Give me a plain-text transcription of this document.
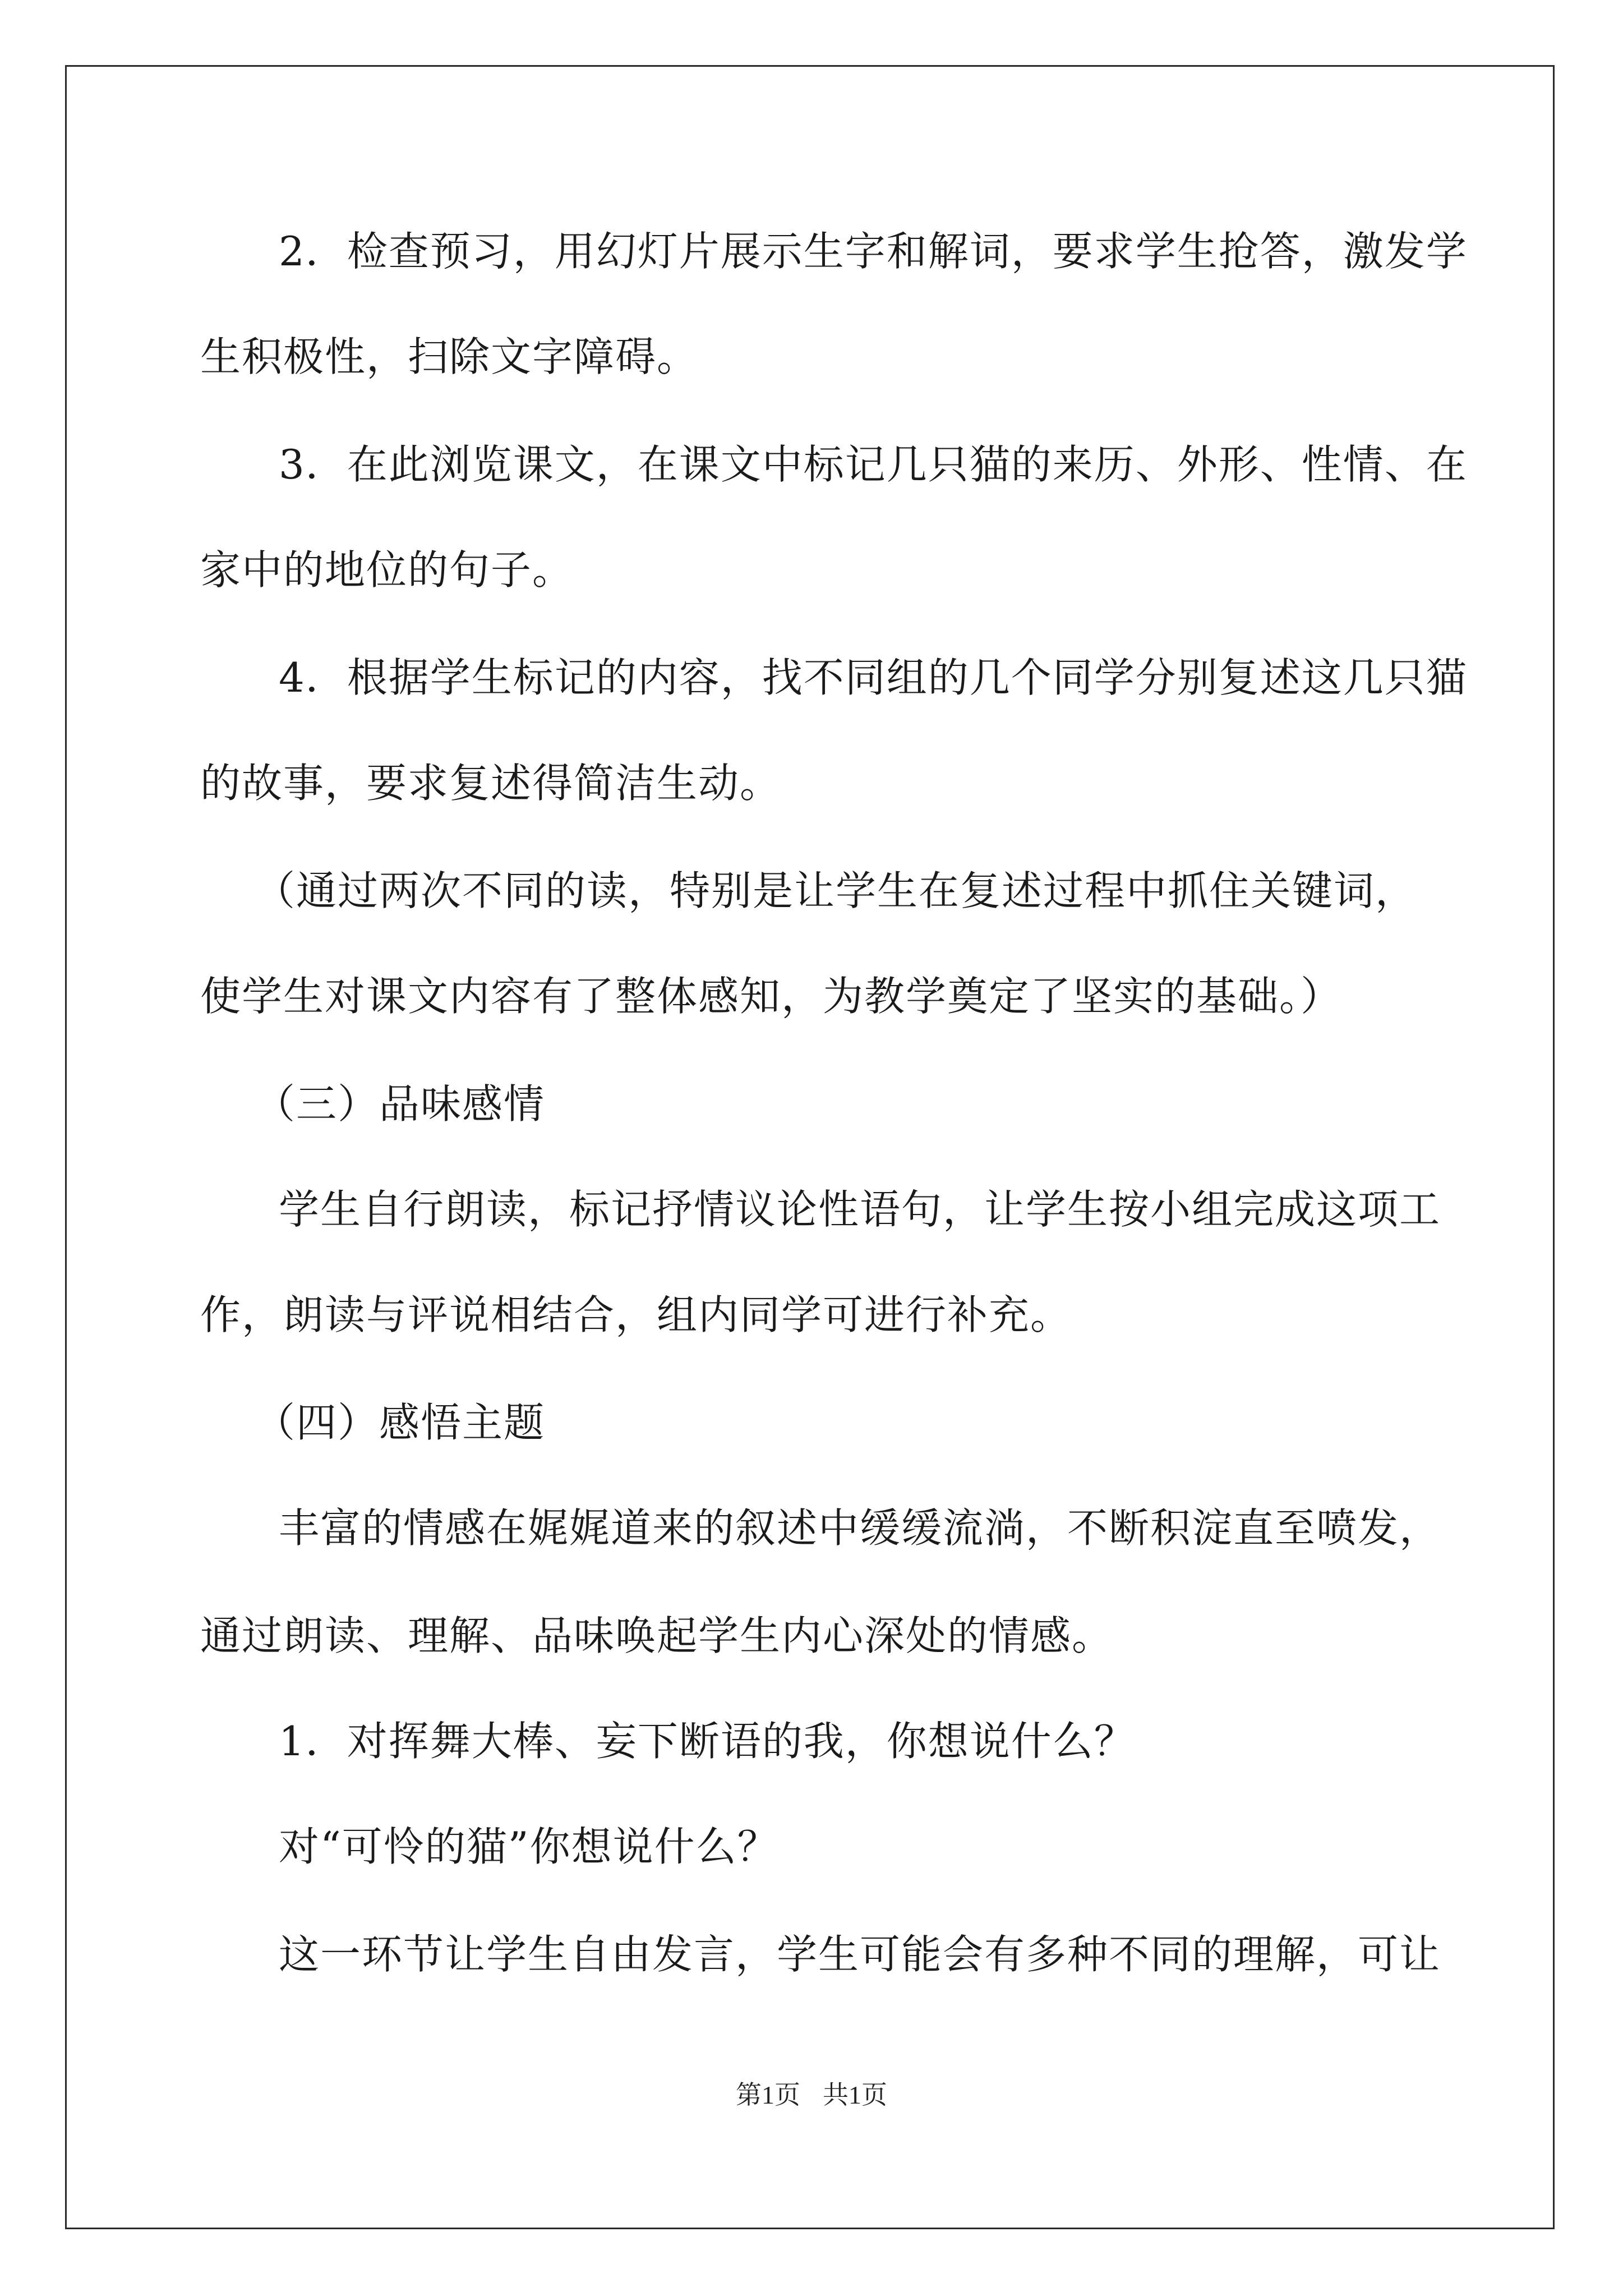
2．检查预习，用幻灯片展示生字和解词，要求学生抢答，激发学
生积极性，扫除文字障碍。
3．在此浏览课文，在课文中标记几只猫的来历、外形、性情、在
家中的地位的句子。
4．根据学生标记的内容，找不同组的几个同学分别复述这几只猫
的故事，要求复述得简洁生动。
（通过两次不同的读，特别是让学生在复述过程中抓住关键词，
使学生对课文内容有了整体感知，为教学奠定了坚实的基础。）
（三）品味感情
学生自行朗读，标记抒情议论性语句，让学生按小组完成这项工
作，朗读与评说相结合，组内同学可进行补充。
（四）感悟主题
丰富的情感在娓娓道来的叙述中缓缓流淌，不断积淀直至喷发，
通过朗读、理解、品味唤起学生内心深处的情感。
1．对挥舞大棒、妄下断语的我，你想说什么？
对“可怜的猫”你想说什么？
这一环节让学生自由发言，学生可能会有多种不同的理解，可让
第1页 共1页
